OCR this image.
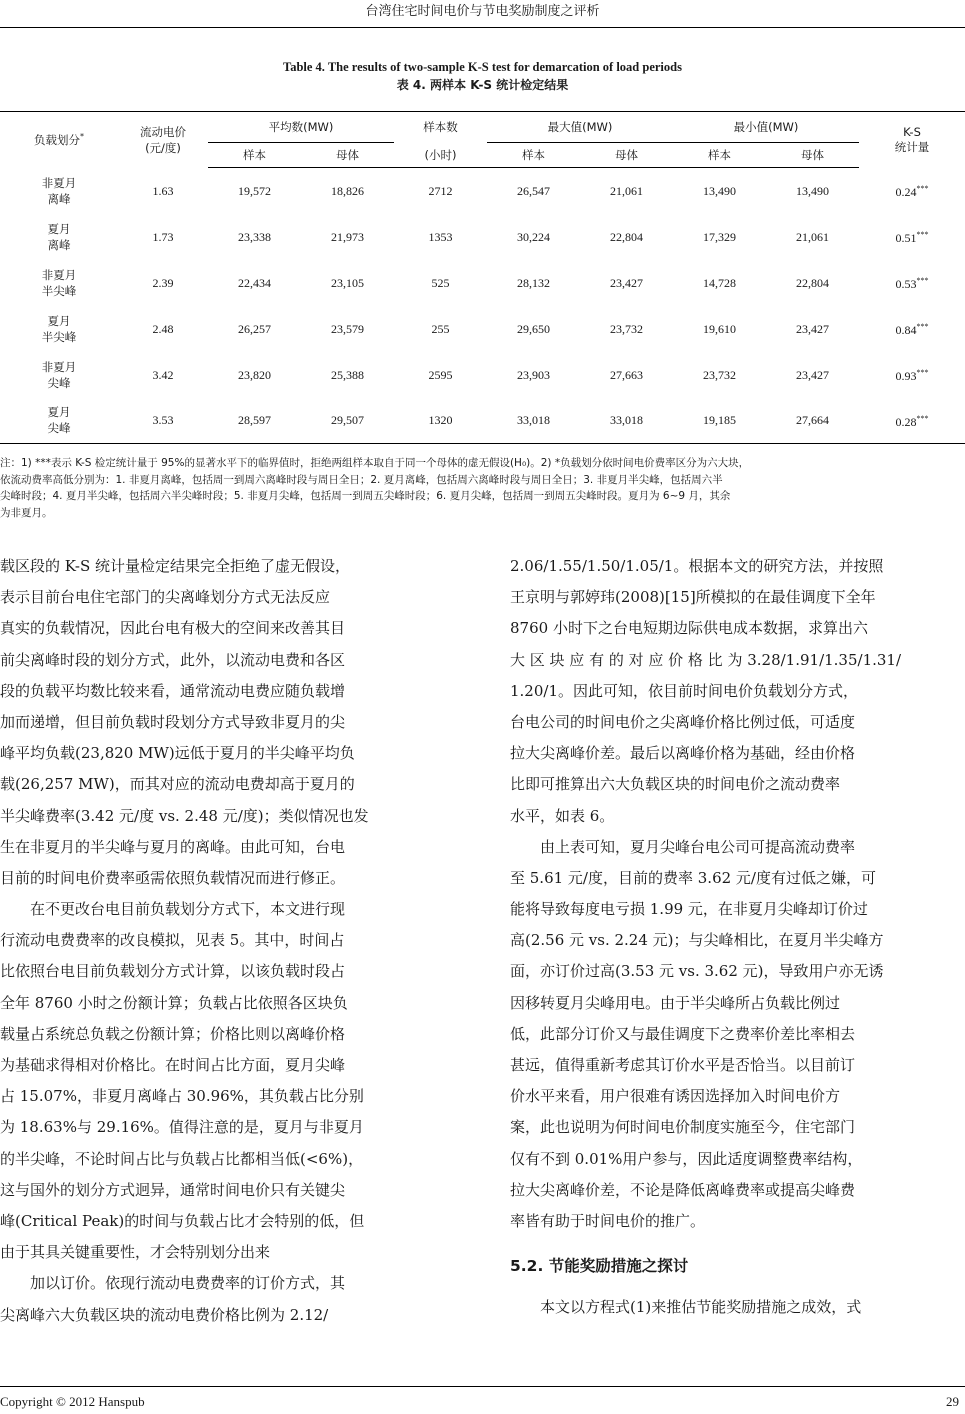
台湾住宅时间电价与节电奖励制度之评析
Table 4. The results of two-sample K-S test for demarcation of load periods
表 4. 两样本 K-S 统计检定结果
负载划分*	流动电价
(元/度)	平均数(MW)		样本数	最大值(MW)		最小值(MW)		K-S
统计量
		样本	母体	(小时)	样本	母体	样本	母体	
非夏月
离峰	1.63	19,572	18,826	2712	26,547	21,061	13,490	13,490	0.24***
夏月
离峰	1.73	23,338	21,973	1353	30,224	22,804	17,329	21,061	0.51***
非夏月
半尖峰	2.39	22,434	23,105	525	28,132	23,427	14,728	22,804	0.53***
夏月
半尖峰	2.48	26,257	23,579	255	29,650	23,732	19,610	23,427	0.84***
非夏月
尖峰	3.42	23,820	25,388	2595	23,903	27,663	23,732	23,427	0.93***
夏月
尖峰	3.53	28,597	29,507	1320	33,018	33,018	19,185	27,664	0.28***
注：1) ***表示 K-S 检定统计量于 95%的显著水平下的临界值时，拒绝两组样本取自于同一个母体的虚无假设(H₀)。2) *负载划分依时间电价费率区分为六大块，
依流动费率高低分别为：1. 非夏月离峰，包括周一到周六离峰时段与周日全日；2. 夏月离峰，包括周六离峰时段与周日全日；3. 非夏月半尖峰，包括周六半
尖峰时段；4. 夏月半尖峰，包括周六半尖峰时段；5. 非夏月尖峰，包括周一到周五尖峰时段；6. 夏月尖峰，包括周一到周五尖峰时段。夏月为 6~9 月，其余
为非夏月。
载区段的 K-S 统计量检定结果完全拒绝了虚无假设，
表示目前台电住宅部门的尖离峰划分方式无法反应
真实的负载情况，因此台电有极大的空间来改善其目
前尖离峰时段的划分方式，此外，以流动电费和各区
段的负载平均数比较来看，通常流动电费应随负载增
加而递增，但目前负载时段划分方式导致非夏月的尖
峰平均负载(23,820 MW)远低于夏月的半尖峰平均负
载(26,257 MW)，而其对应的流动电费却高于夏月的
半尖峰费率(3.42 元/度 vs. 2.48 元/度)；类似情况也发
生在非夏月的半尖峰与夏月的离峰。由此可知，台电
目前的时间电价费率亟需依照负载情况而进行修正。
在不更改台电目前负载划分方式下，本文进行现
行流动电费费率的改良模拟，见表 5。其中，时间占
比依照台电目前负载划分方式计算，以该负载时段占
全年 8760 小时之份额计算；负载占比依照各区块负
载量占系统总负载之份额计算；价格比则以离峰价格
为基础求得相对价格比。在时间占比方面，夏月尖峰
占 15.07%，非夏月离峰占 30.96%，其负载占比分别
为 18.63%与 29.16%。值得注意的是，夏月与非夏月
的半尖峰，不论时间占比与负载占比都相当低(<6%)，
这与国外的划分方式迥异，通常时间电价只有关键尖
峰(Critical Peak)的时间与负载占比才会特别的低，但
由于其具关键重要性，才会特别划分出来
加以订价。依现行流动电费费率的订价方式，其
尖离峰六大负载区块的流动电费价格比例为 2.12/
2.06/1.55/1.50/1.05/1。根据本文的研究方法，并按照
王京明与郭婷玮(2008)[15]所模拟的在最佳调度下全年
8760 小时下之台电短期边际供电成本数据，求算出六
大 区 块 应 有 的 对 应 价 格 比 为 3.28/1.91/1.35/1.31/
1.20/1。因此可知，依目前时间电价负载划分方式，
台电公司的时间电价之尖离峰价格比例过低，可适度
拉大尖离峰价差。最后以离峰价格为基础，经由价格
比即可推算出六大负载区块的时间电价之流动费率
水平，如表 6。
由上表可知，夏月尖峰台电公司可提高流动费率
至 5.61 元/度，目前的费率 3.62 元/度有过低之嫌，可
能将导致每度电亏损 1.99 元，在非夏月尖峰却订价过
高(2.56 元 vs. 2.24 元)；与尖峰相比，在夏月半尖峰方
面，亦订价过高(3.53 元 vs. 3.62 元)，导致用户亦无诱
因移转夏月尖峰用电。由于半尖峰所占负载比例过
低，此部分订价又与最佳调度下之费率价差比率相去
甚远，值得重新考虑其订价水平是否恰当。以目前订
价水平来看，用户很难有诱因选择加入时间电价方
案，此也说明为何时间电价制度实施至今，住宅部门
仅有不到 0.01%用户参与，因此适度调整费率结构，
拉大尖离峰价差，不论是降低离峰费率或提高尖峰费
率皆有助于时间电价的推广。
5.2. 节能奖励措施之探讨
本文以方程式(1)来推估节能奖励措施之成效，式
Copyright © 2012 Hanspub	29
